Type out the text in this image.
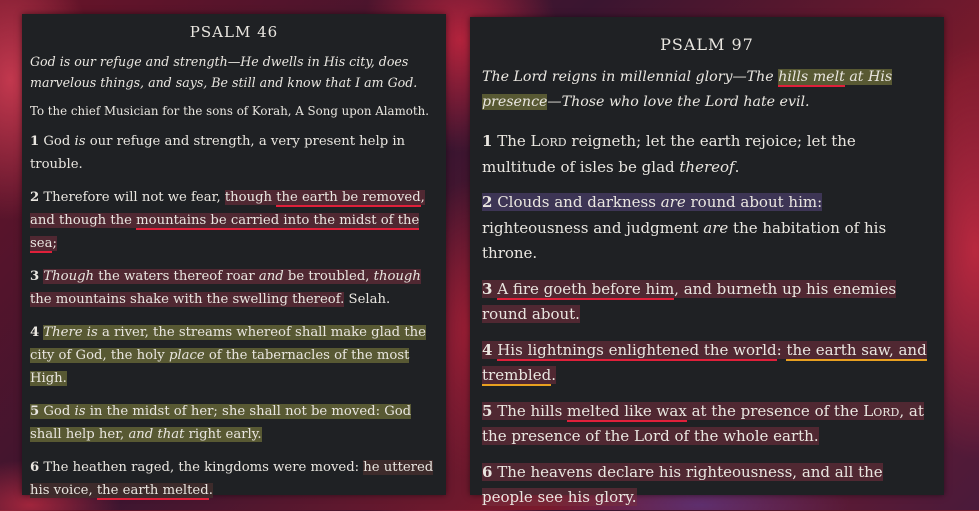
PSALM 46
God is our refuge and strength—He dwells in His city, does marvelous things, and says, Be still and know that I am God.
To the chief Musician for the sons of Korah, A Song upon Alamoth.
1 God is our refuge and strength, a very present help in trouble.
2 Therefore will not we fear, though the earth be removed, and though the mountains be carried into the midst of the sea;
3 Though the waters thereof roar and be troubled, though the mountains shake with the swelling thereof. Selah.
4 There is a river, the streams whereof shall make glad the city of God, the holy place of the tabernacles of the most High.
5 God is in the midst of her; she shall not be moved: God shall help her, and that right early.
6 The heathen raged, the kingdoms were moved: he uttered his voice, the earth melted.
PSALM 97
The Lord reigns in millennial glory—The hills melt at His presence—Those who love the Lord hate evil.
1 The Lord reigneth; let the earth rejoice; let the multitude of isles be glad thereof.
2 Clouds and darkness are round about him: righteousness and judgment are the habitation of his throne.
3 A fire goeth before him, and burneth up his enemies round about.
4 His lightnings enlightened the world: the earth saw, and trembled.
5 The hills melted like wax at the presence of the Lord, at the presence of the Lord of the whole earth.
6 The heavens declare his righteousness, and all the people see his glory.
